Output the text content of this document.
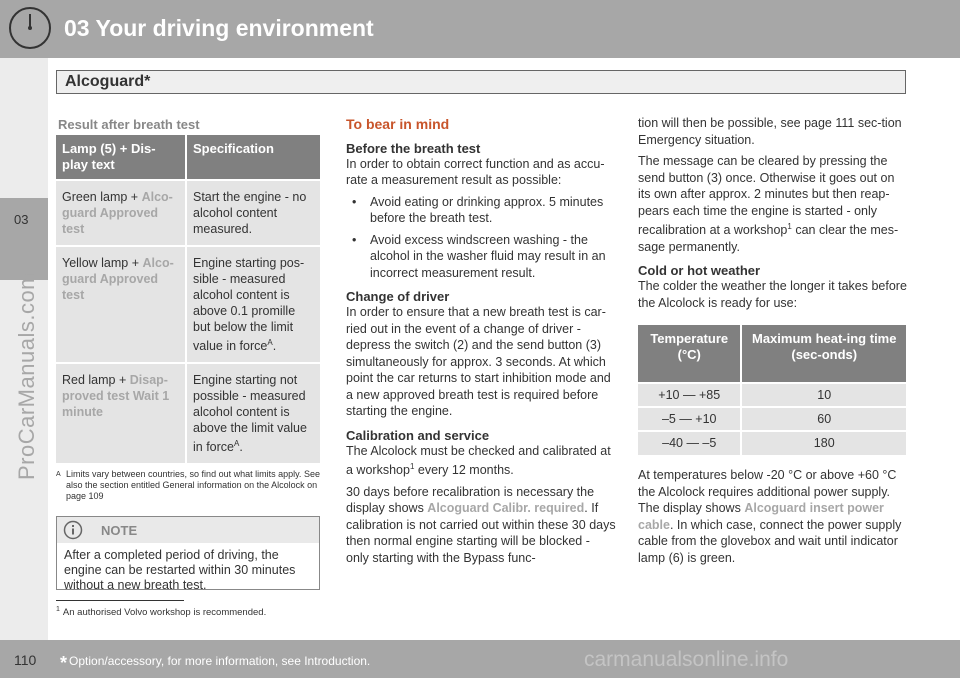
03 Your driving environment
Alcoguard*
03
ProCarManuals.com
Result after breath test
Lamp (5) + Dis-play text	Specification
Green lamp + Alco-guard Approved test	Start the engine - no alcohol content measured.
Yellow lamp + Alco-guard Approved test	Engine starting pos-sible - measured alcohol content is above 0.1 promille but below the limit value in force$^A$.
Red lamp + Disap-proved test Wait 1 minute	Engine starting not possible - measured alcohol content is above the limit value in force$^A$.
A Limits vary between countries, so find out what limits apply. See also the section entitled General information on the Alcolock on page 109
NOTE
After a completed period of driving, the engine can be restarted within 30 minutes without a new breath test.
To bear in mind
Before the breath test
In order to obtain correct function and as accu-rate a measurement result as possible:
• Avoid eating or drinking approx. 5 minutes before the breath test.
• Avoid excess windscreen washing - the alcohol in the washer fluid may result in an incorrect measurement result.
Change of driver
In order to ensure that a new breath test is car-ried out in the event of a change of driver - depress the switch (2) and the send button (3) simultaneously for approx. 3 seconds. At which point the car returns to start inhibition mode and a new approved breath test is required before starting the engine.
Calibration and service
The Alcolock must be checked and calibrated at a workshop$^1$ every 12 months.
30 days before recalibration is necessary the display shows Alcoguard Calibr. required. If calibration is not carried out within these 30 days then normal engine starting will be blocked - only starting with the Bypass func-
tion will then be possible, see page 111 sec-tion Emergency situation.
The message can be cleared by pressing the send button (3) once. Otherwise it goes out on its own after approx. 2 minutes but then reap-pears each time the engine is started - only recalibration at a workshop$^1$ can clear the mes-sage permanently.
Cold or hot weather
The colder the weather the longer it takes before the Alcolock is ready for use:
Temperature (°C)	Maximum heat-ing time (sec-onds)
+10 — +85	10
–5 — +10	60
–40 — –5	180
At temperatures below -20 °C or above +60 °C the Alcolock requires additional power supply. The display shows Alcoguard insert power cable. In which case, connect the power supply cable from the glovebox and wait until indicator lamp (6) is green.
$^1$ An authorised Volvo workshop is recommended.
110 * Option/accessory, for more information, see Introduction.	carmanualsonline.info
